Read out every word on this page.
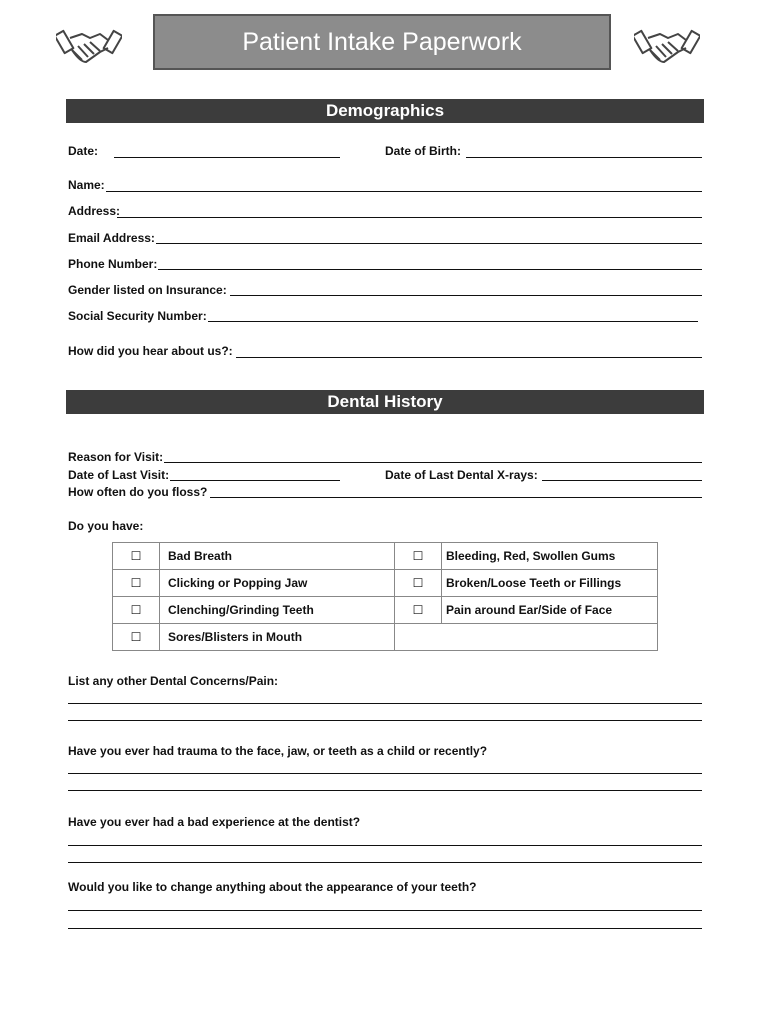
Patient Intake Paperwork
Demographics
Date:	Date of Birth:
Name:
Address:
Email Address:
Phone Number:
Gender listed on Insurance:
Social Security Number:
How did you hear about us?:
Dental History
Reason for Visit:
Date of Last Visit:	Date of Last Dental X-rays:
How often do you floss?
Do you have:
☐	Bad Breath	☐	Bleeding, Red, Swollen Gums
☐	Clicking or Popping Jaw	☐	Broken/Loose Teeth or Fillings
☐	Clenching/Grinding Teeth	☐	Pain around Ear/Side of Face
☐	Sores/Blisters in Mouth		
List any other Dental Concerns/Pain:
Have you ever had trauma to the face, jaw, or teeth as a child or recently?
Have you ever had a bad experience at the dentist?
Would you like to change anything about the appearance of your teeth?
